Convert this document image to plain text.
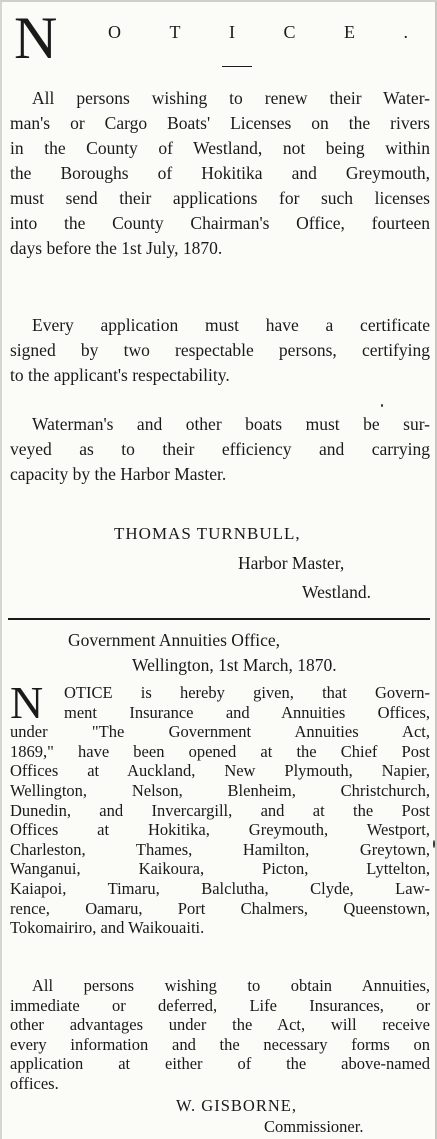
N	O	T	I	C	E	.

All persons wishing to renew their Water-
man's or Cargo Boats' Licenses on the rivers
in the County of Westland, not being within
the Boroughs of Hokitika and Greymouth,
must send their applications for such licenses
into the County Chairman's Office, fourteen
days before the 1st July, 1870.

Every application must have a certificate
signed by two respectable persons, certifying
to the applicant's respectability.

Waterman's and other boats must be sur-
veyed as to their efficiency and carrying
capacity by the Harbor Master.

THOMAS TURNBULL,
Harbor Master,
Westland.
Government Annuities Office,
Wellington, 1st March, 1870.
N	OTICE is hereby given, that Govern-
ment Insurance and Annuities Offices,
under "The Government Annuities Act,
1869," have been opened at the Chief Post
Offices at Auckland, New Plymouth, Napier,
Wellington, Nelson, Blenheim, Christchurch,
Dunedin, and Invercargill, and at the Post
Offices at Hokitika, Greymouth, Westport,
Charleston, Thames, Hamilton, Greytown,
Wanganui, Kaikoura, Picton, Lyttelton,
Kaiapoi, Timaru, Balclutha, Clyde, Law-
rence, Oamaru, Port Chalmers, Queenstown,
Tokomairiro, and Waikouaiti.

All persons wishing to obtain Annuities,
immediate or deferred, Life Insurances, or
other advantages under the Act, will receive
every information and the necessary forms on
application at either of the above-named
offices.

W. GISBORNE,
Commissioner.
